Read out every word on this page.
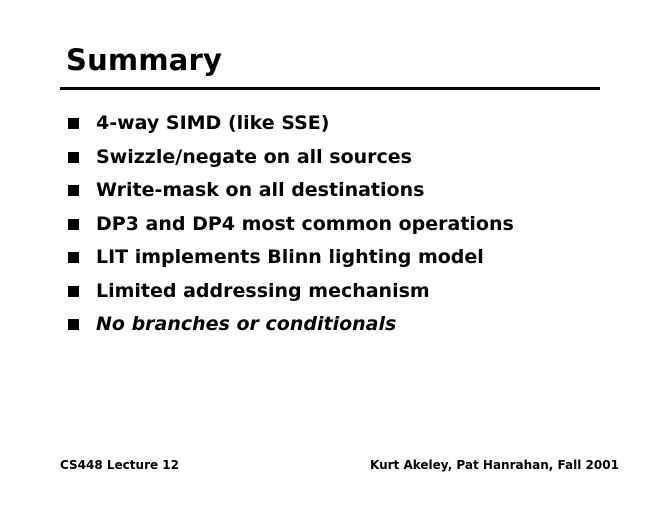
Summary
4-way SIMD (like SSE)
Swizzle/negate on all sources
Write-mask on all destinations
DP3 and DP4 most common operations
LIT implements Blinn lighting model
Limited addressing mechanism
No branches or conditionals
CS448 Lecture 12	Kurt Akeley, Pat Hanrahan, Fall 2001
